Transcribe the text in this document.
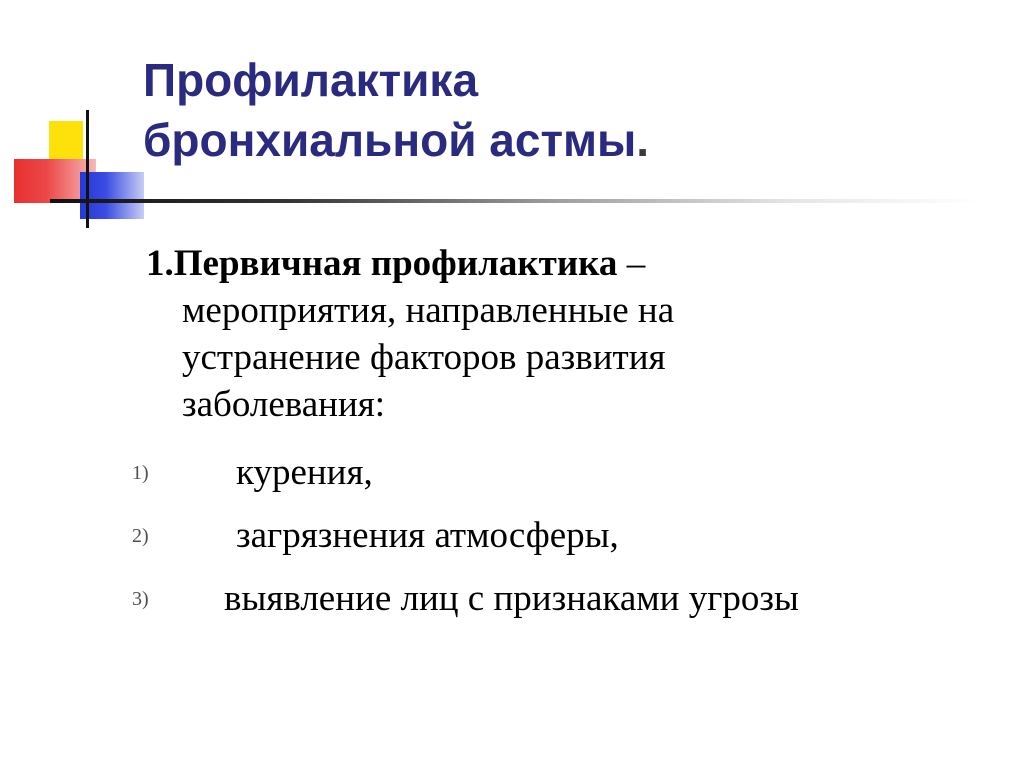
Профилактика
бронхиальной астмы.

1.Первичная профилактика –
мероприятия, направленные на
устранение факторов развития
заболевания:

1) курения,
2) загрязнения атмосферы,
3) выявление лиц с признаками угрозы
